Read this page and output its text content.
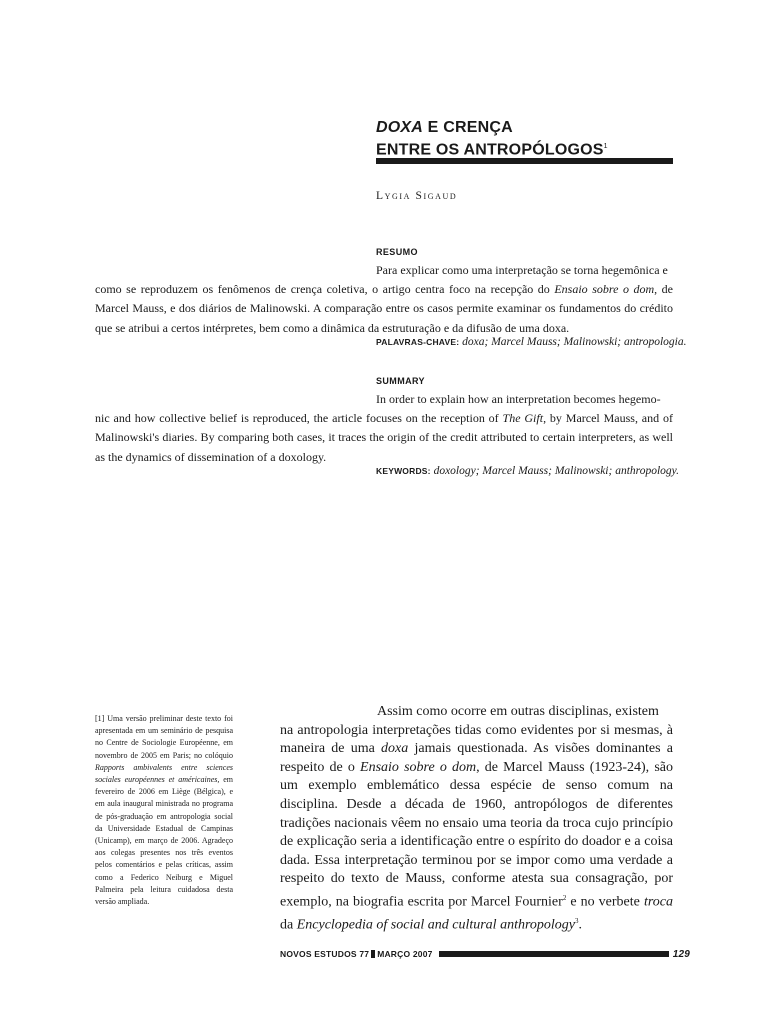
DOXA E CRENÇA
ENTRE OS ANTROPÓLOGOS$^1$
Lygia Sigaud
RESUMO
Para explicar como uma interpretação se torna hegemônica e
como se reproduzem os fenômenos de crença coletiva, o artigo centra foco na recepção do Ensaio sobre o dom, de Marcel Mauss, e dos diários de Malinowski. A comparação entre os casos permite examinar os fundamentos do crédito que se atribui a certos intérpretes, bem como a dinâmica da estruturação e da difusão de uma doxa.
PALAVRAS-CHAVE: doxa; Marcel Mauss; Malinowski; antropologia.
SUMMARY
In order to explain how an interpretation becomes hegemo-
nic and how collective belief is reproduced, the article focuses on the reception of The Gift, by Marcel Mauss, and of Malinowski's diaries. By comparing both cases, it traces the origin of the credit attributed to certain interpreters, as well as the dynamics of dissemination of a doxology.
KEYWORDS: doxology; Marcel Mauss; Malinowski; anthropology.
[1] Uma versão preliminar deste texto foi apresentada em um seminário de pesquisa no Centre de Sociologie Européenne, em novembro de 2005 em Paris; no colóquio Rapports ambivalents entre sciences sociales européennes et américaines, em fevereiro de 2006 em Liège (Bélgica), e em aula inaugural ministrada no programa de pós-graduação em antropologia social da Universidade Estadual de Campinas (Unicamp), em março de 2006. Agradeço aos colegas presentes nos três eventos pelos comentários e pelas críticas, assim como a Federico Neiburg e Miguel Palmeira pela leitura cuidadosa desta versão ampliada.
Assim como ocorre em outras disciplinas, existem
na antropologia interpretações tidas como evidentes por si mesmas, à maneira de uma doxa jamais questionada. As visões dominantes a respeito de o Ensaio sobre o dom, de Marcel Mauss (1923-24), são um exemplo emblemático dessa espécie de senso comum na disciplina. Desde a década de 1960, antropólogos de diferentes tradições nacionais vêem no ensaio uma teoria da troca cujo princípio de explicação seria a identificação entre o espírito do doador e a coisa dada. Essa interpretação terminou por se impor como uma verdade a respeito do texto de Mauss, conforme atesta sua consagração, por exemplo, na biografia escrita por Marcel Fournier$^2$ e no verbete troca da Encyclopedia of social and cultural anthropology$^3$.
NOVOS ESTUDOS
77 MARÇO 2007	129
